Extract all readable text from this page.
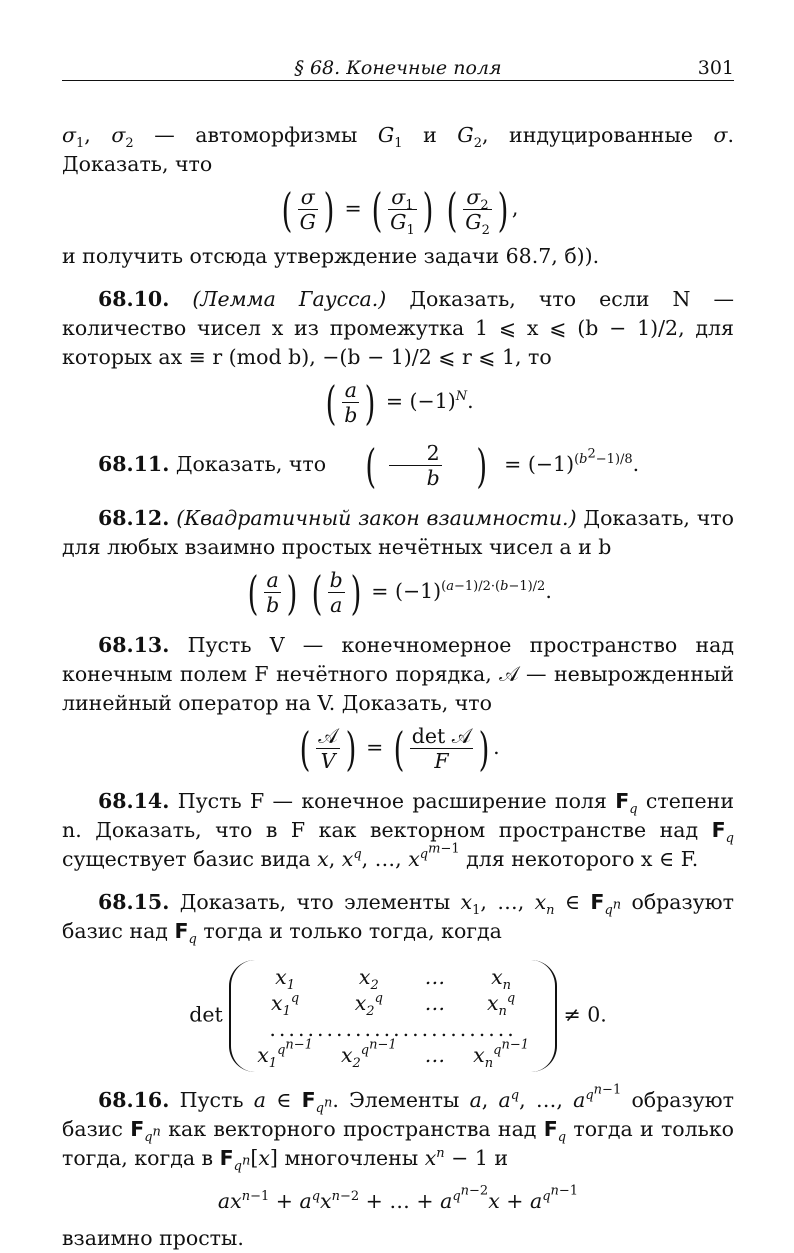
§ 68. Конечные поля	301

$\sigma_1$, $\sigma_2$ — автоморфизмы $G_1$ и $G_2$, индуцированные σ. Доказать, что

( $\frac{\sigma}{G}$ ) = ( $\frac{\sigma_1}{G_1}$ ) ( $\frac{\sigma_2}{G_2}$ ) ,

и получить отсюда утверждение задачи 68.7, б)).

68.10. (Лемма Гаусса.) Доказать, что если N — количество чисел x из промежутка 1 ⩽ x ⩽ (b − 1)/2, для которых ax ≡ r (mod b), −(b − 1)/2 ⩽ r ⩽ 1, то

( $\frac{a}{b}$ ) = $(-1)^N$.

68.11. Доказать, что ( $\frac{2}{b}$ ) = $(-1)^{(b^2-1)/8}$.

68.12. (Квадратичный закон взаимности.) Доказать, что для любых взаимно простых нечётных чисел a и b

( $\frac{a}{b}$ ) ( $\frac{b}{a}$ ) = $(-1)^{(a-1)/2\cdot(b-1)/2}$.

68.13. Пусть V — конечномерное пространство над конечным полем F нечётного порядка, 𝒜 — невырожденный линейный оператор на V. Доказать, что

( $\frac{\text{𝒜}}{V}$ ) = ( $\frac{\text{det 𝒜}}{F}$ ) .

68.14. Пусть F — конечное расширение поля $F_q$ степени n. Доказать, что в F как векторном пространстве над $F_q$ существует базис вида x, $x^q$, …, $x^{q^{m-1}}$ для некоторого x ∈ F.

68.15. Доказать, что элементы $x_1$, …, $x_n$ ∈ $F_{q^n}$ образуют базис над $F_q$ тогда и только тогда, когда

det
$x_1$	$x_2$	…	$x_n$
$x_1^q$	$x_2^q$	…	$x_n^q$
..........................			
$x_1^{q^{n-1}}$	$x_2^{q^{n-1}}$	…	$x_n^{q^{n-1}}$
≠ 0.

68.16. Пусть a ∈ $F_{q^n}$. Элементы a, $a^q$, …, $a^{q^{n-1}}$ образуют базис $F_{q^n}$ как векторного пространства над $F_q$ тогда и только тогда, когда в $F_{q^n}[x]$ многочлены $x^n - 1$ и

$ax^{n-1} + a^qx^{n-2}$ + … + $a^{q^{n-2}}x + a^{q^{n-1}}$

взаимно просты.
